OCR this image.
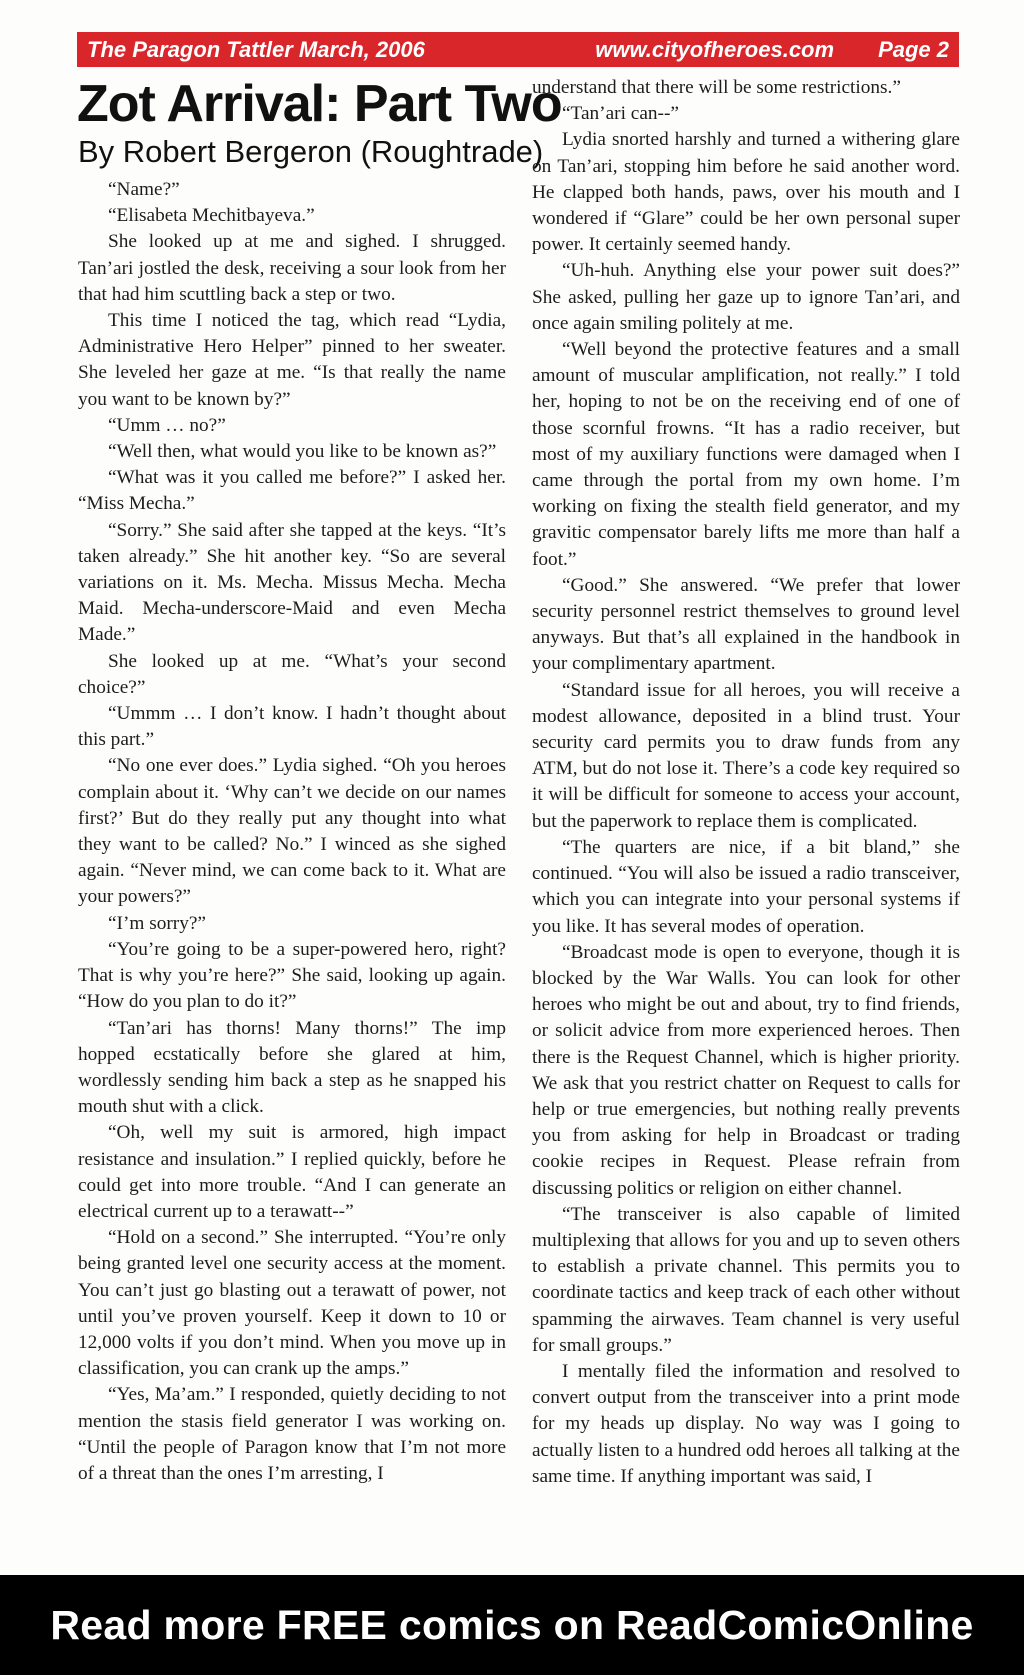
The Paragon Tattler March, 2006	www.cityofheroes.com Page 2
Zot Arrival: Part Two
By Robert Bergeron (Roughtrade)

“Name?”

“Elisabeta Mechitbayeva.”

She looked up at me and sighed. I shrugged. Tan’ari jostled the desk, receiving a sour look from her that had him scuttling back a step or two.

This time I noticed the tag, which read “Lydia, Administrative Hero Helper” pinned to her sweater. She leveled her gaze at me. “Is that really the name you want to be known by?”

“Umm … no?”

“Well then, what would you like to be known as?”

“What was it you called me before?” I asked her. “Miss Mecha.”

“Sorry.” She said after she tapped at the keys. “It’s taken already.” She hit another key. “So are several variations on it. Ms. Mecha. Missus Mecha. Mecha Maid. Mecha-underscore-Maid and even Mecha Made.”

She looked up at me. “What’s your second choice?”

“Ummm … I don’t know. I hadn’t thought about this part.”

“No one ever does.” Lydia sighed. “Oh you heroes complain about it. ‘Why can’t we decide on our names first?’ But do they really put any thought into what they want to be called? No.” I winced as she sighed again. “Never mind, we can come back to it. What are your powers?”

“I’m sorry?”

“You’re going to be a super-powered hero, right? That is why you’re here?” She said, looking up again. “How do you plan to do it?”

“Tan’ari has thorns! Many thorns!” The imp hopped ecstatically before she glared at him, wordlessly sending him back a step as he snapped his mouth shut with a click.

“Oh, well my suit is armored, high impact resistance and insulation.” I replied quickly, before he could get into more trouble. “And I can generate an electrical current up to a terawatt--”

“Hold on a second.” She interrupted. “You’re only being granted level one security access at the moment. You can’t just go blasting out a terawatt of power, not until you’ve proven yourself. Keep it down to 10 or 12,000 volts if you don’t mind. When you move up in classification, you can crank up the amps.”

“Yes, Ma’am.” I responded, quietly deciding to not mention the stasis field generator I was working on. “Until the people of Paragon know that I’m not more of a threat than the ones I’m arresting, I

understand that there will be some restrictions.”

“Tan’ari can--”

Lydia snorted harshly and turned a withering glare on Tan’ari, stopping him before he said another word. He clapped both hands, paws, over his mouth and I wondered if “Glare” could be her own personal super power. It certainly seemed handy.

“Uh-huh. Anything else your power suit does?” She asked, pulling her gaze up to ignore Tan’ari, and once again smiling politely at me.

“Well beyond the protective features and a small amount of muscular amplification, not really.” I told her, hoping to not be on the receiving end of one of those scornful frowns. “It has a radio receiver, but most of my auxiliary functions were damaged when I came through the portal from my own home. I’m working on fixing the stealth field generator, and my gravitic compensator barely lifts me more than half a foot.”

“Good.” She answered. “We prefer that lower security personnel restrict themselves to ground level anyways. But that’s all explained in the handbook in your complimentary apartment.

“Standard issue for all heroes, you will receive a modest allowance, deposited in a blind trust. Your security card permits you to draw funds from any ATM, but do not lose it. There’s a code key required so it will be difficult for someone to access your account, but the paperwork to replace them is complicated.

“The quarters are nice, if a bit bland,” she continued. “You will also be issued a radio transceiver, which you can integrate into your personal systems if you like. It has several modes of operation.

“Broadcast mode is open to everyone, though it is blocked by the War Walls. You can look for other heroes who might be out and about, try to find friends, or solicit advice from more experienced heroes. Then there is the Request Channel, which is higher priority. We ask that you restrict chatter on Request to calls for help or true emergencies, but nothing really prevents you from asking for help in Broadcast or trading cookie recipes in Request. Please refrain from discussing politics or religion on either channel.

“The transceiver is also capable of limited multiplexing that allows for you and up to seven others to establish a private channel. This permits you to coordinate tactics and keep track of each other without spamming the airwaves. Team channel is very useful for small groups.”

I mentally filed the information and resolved to convert output from the transceiver into a print mode for my heads up display. No way was I going to actually listen to a hundred odd heroes all talking at the same time. If anything important was said, I

Read more FREE comics on ReadComicOnline
